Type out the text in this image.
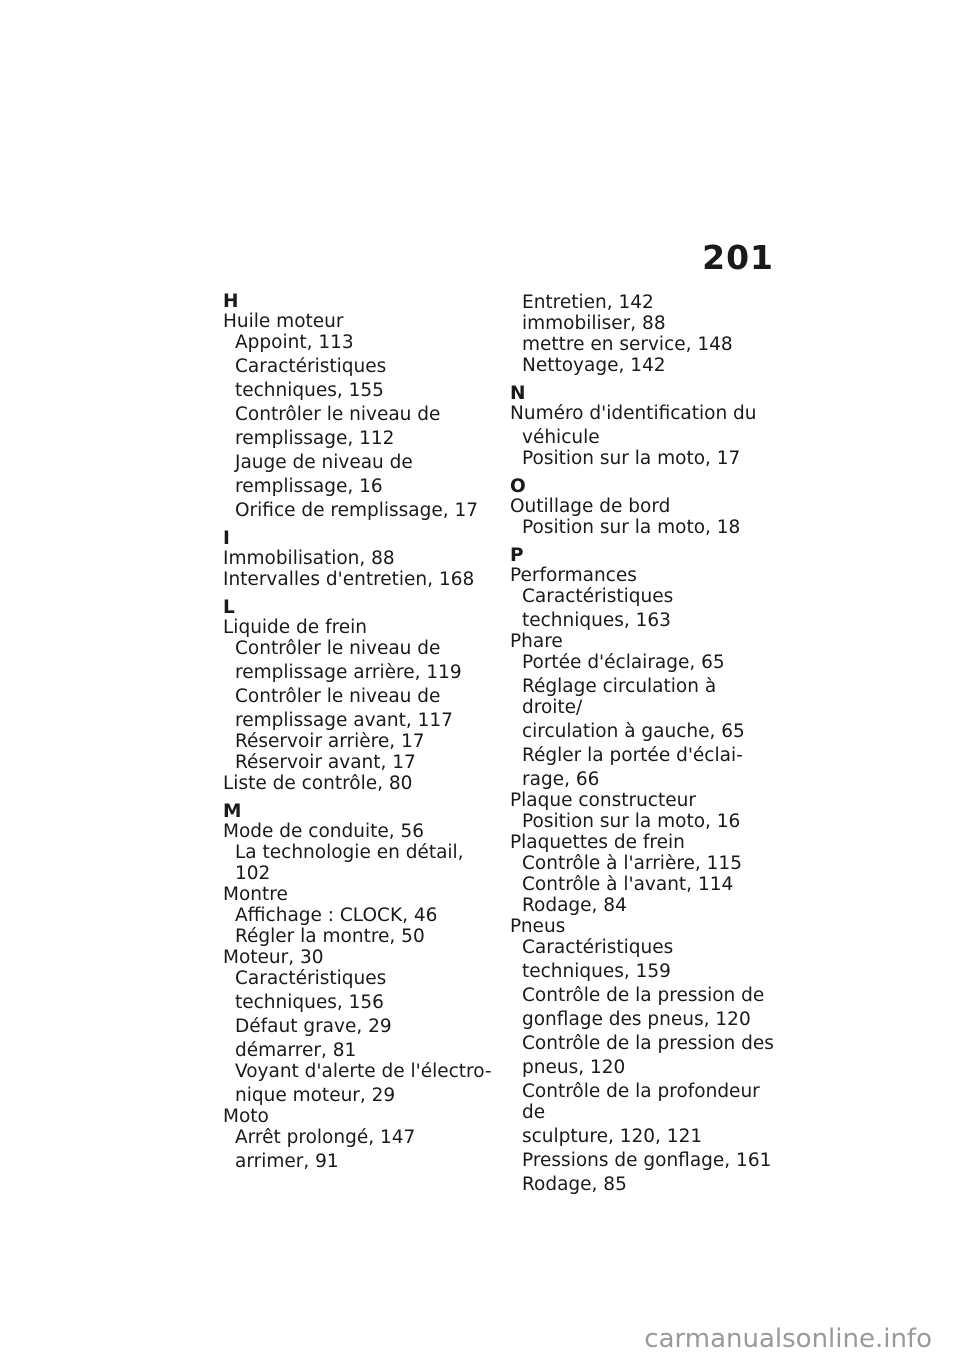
201
H
Huile moteur
Appoint, 113
Caractéristiques
techniques, 155
Contrôler le niveau de
remplissage, 112
Jauge de niveau de
remplissage, 16
Orifice de remplissage, 17
I
Immobilisation, 88
Intervalles d'entretien, 168
L
Liquide de frein
Contrôler le niveau de
remplissage arrière, 119
Contrôler le niveau de
remplissage avant, 117
Réservoir arrière, 17
Réservoir avant, 17
Liste de contrôle, 80
M
Mode de conduite, 56
La technologie en détail, 102
Montre
Affichage : CLOCK, 46
Régler la montre, 50
Moteur, 30
Caractéristiques
techniques, 156
Défaut grave, 29
démarrer, 81
Voyant d'alerte de l'électro-
nique moteur, 29
Moto
Arrêt prolongé, 147
arrimer, 91
Entretien, 142
immobiliser, 88
mettre en service, 148
Nettoyage, 142
N
Numéro d'identification du
véhicule
Position sur la moto, 17
O
Outillage de bord
Position sur la moto, 18
P
Performances
Caractéristiques
techniques, 163
Phare
Portée d'éclairage, 65
Réglage circulation à droite/
circulation à gauche, 65
Régler la portée d'éclai-
rage, 66
Plaque constructeur
Position sur la moto, 16
Plaquettes de frein
Contrôle à l'arrière, 115
Contrôle à l'avant, 114
Rodage, 84
Pneus
Caractéristiques
techniques, 159
Contrôle de la pression de
gonflage des pneus, 120
Contrôle de la pression des
pneus, 120
Contrôle de la profondeur de
sculpture, 120, 121
Pressions de gonflage, 161
Rodage, 85
carmanualsonline.info
